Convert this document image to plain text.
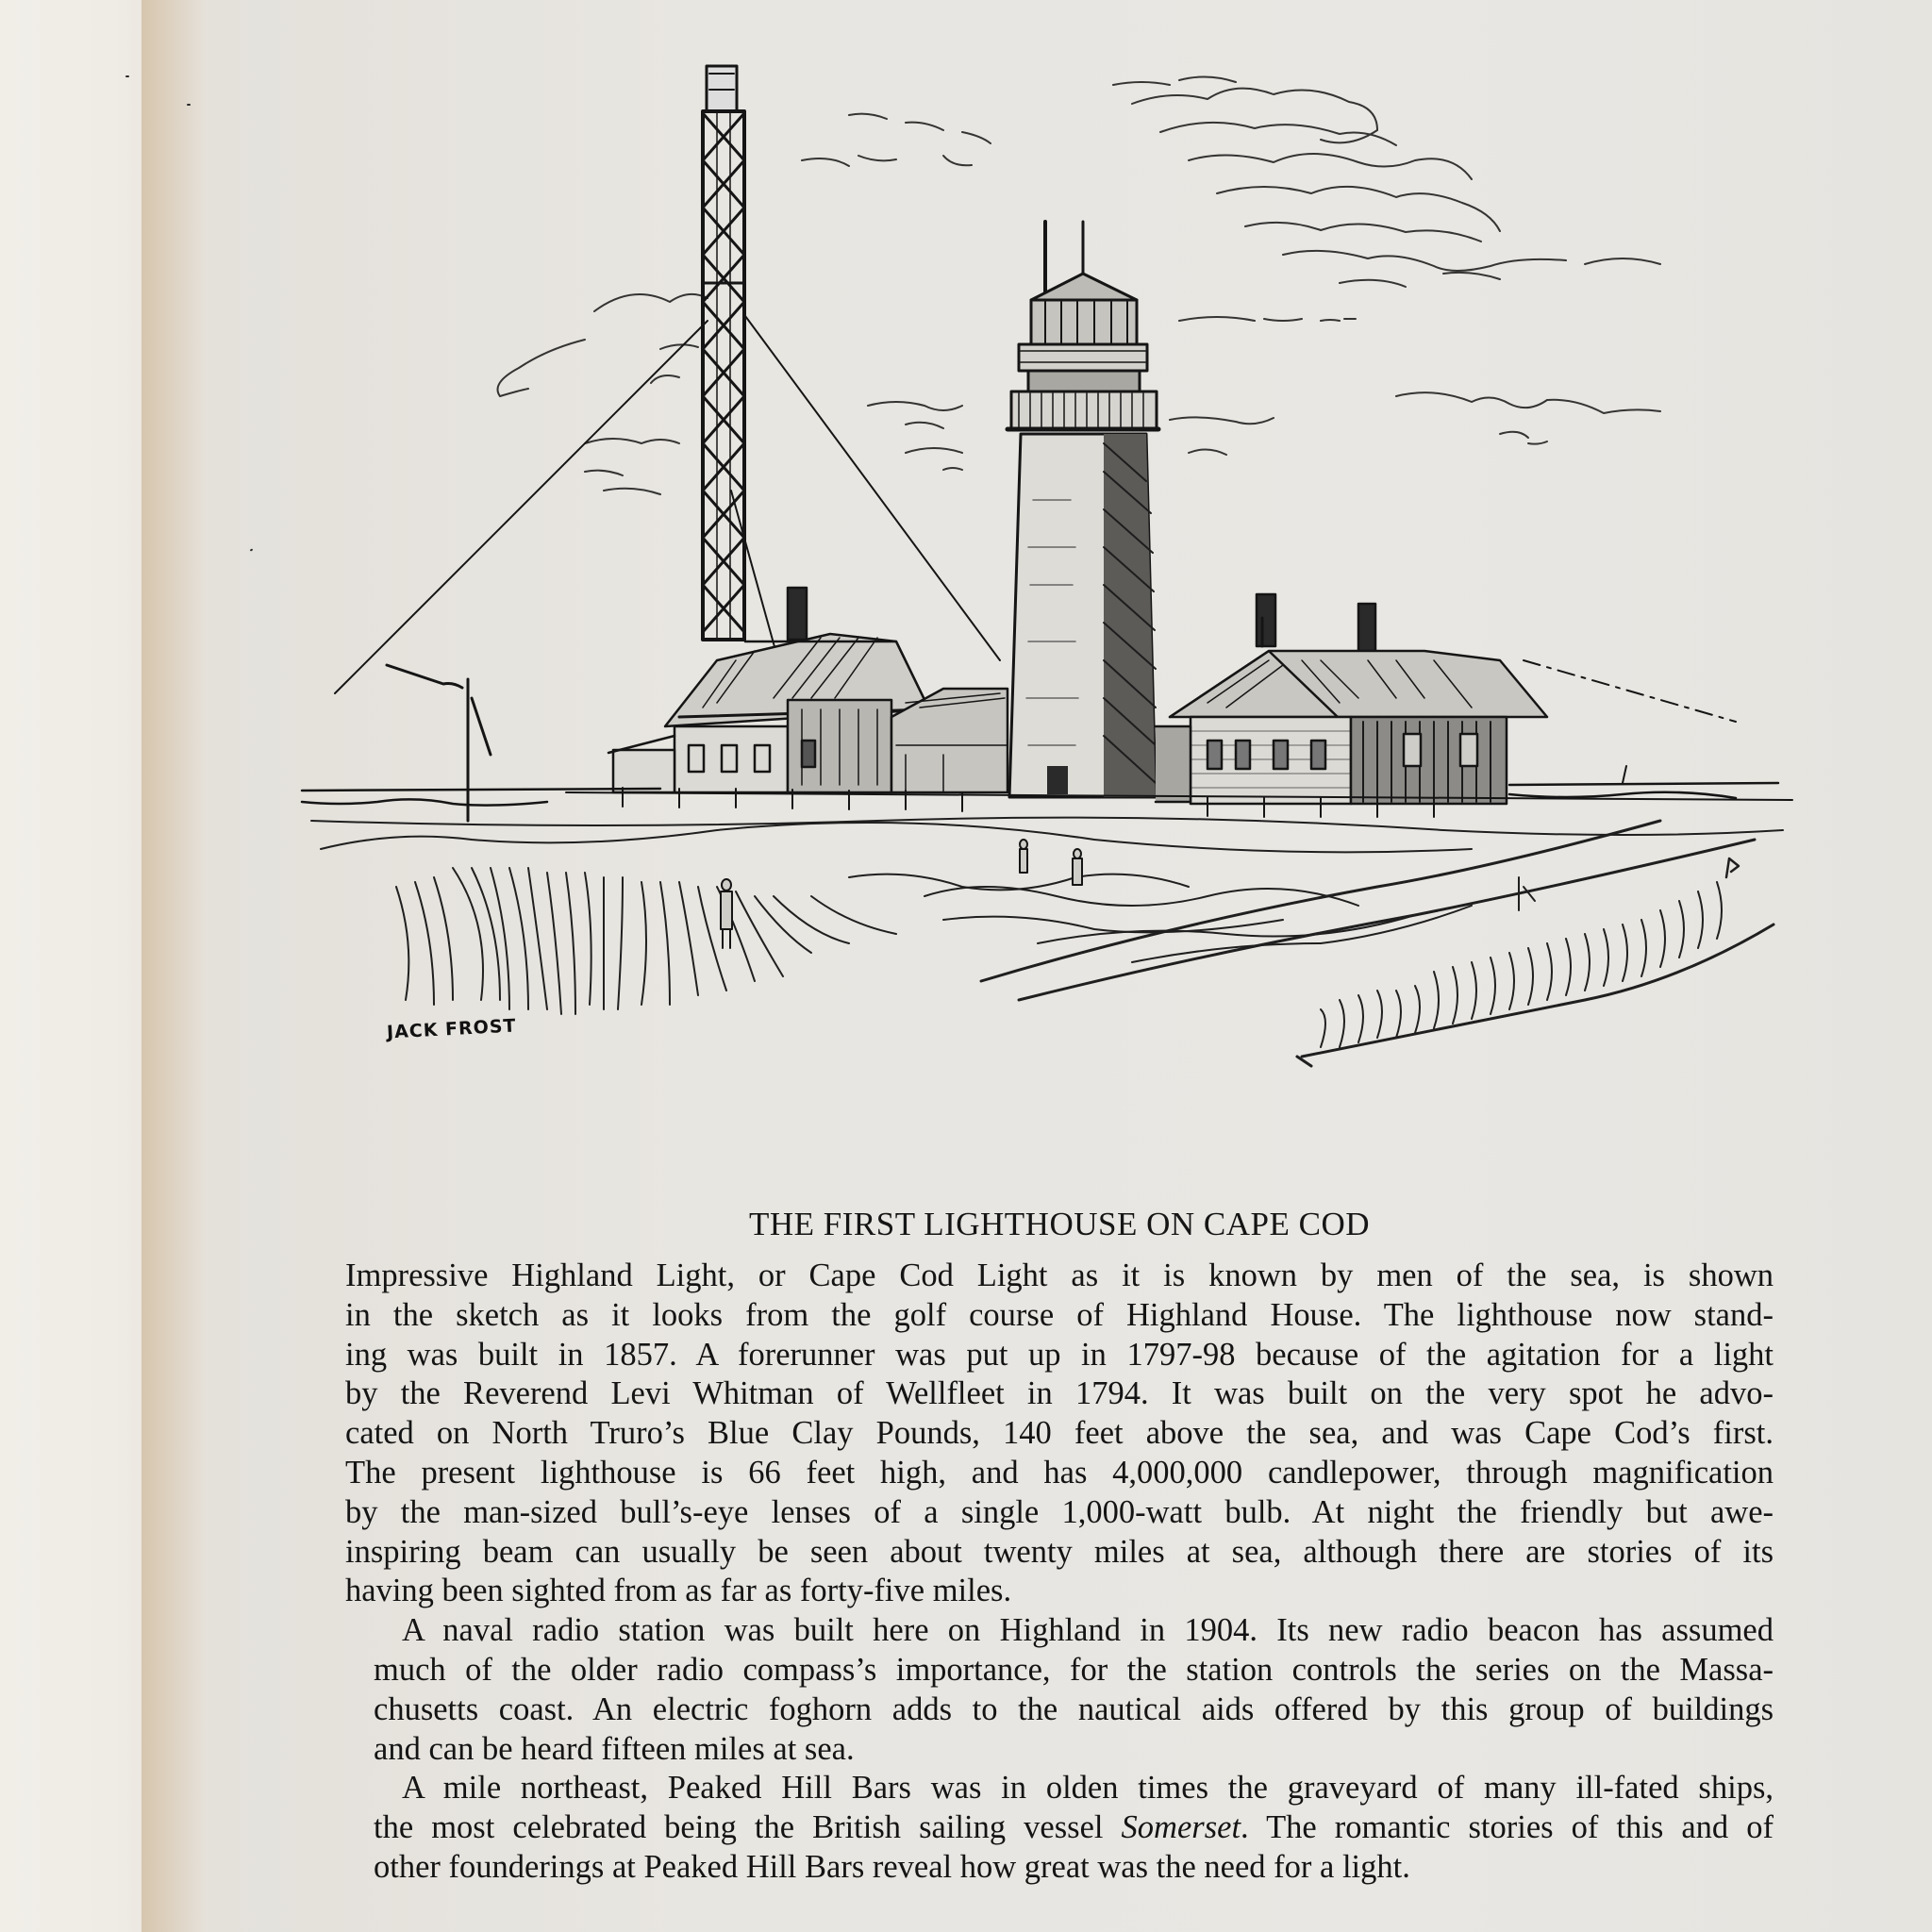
JACK FROST
THE FIRST LIGHTHOUSE ON CAPE COD

Impressive Highland Light, or Cape Cod Light as it is known by men of the sea, is shown
in the sketch as it looks from the golf course of Highland House. The lighthouse now stand-
ing was built in 1857. A forerunner was put up in 1797-98 because of the agitation for a light
by the Reverend Levi Whitman of Wellfleet in 1794. It was built on the very spot he advo-
cated on North Truro’s Blue Clay Pounds, 140 feet above the sea, and was Cape Cod’s first.
The present lighthouse is 66 feet high, and has 4,000,000 candlepower, through magnification
by the man-sized bull’s-eye lenses of a single 1,000-watt bulb. At night the friendly but awe-
inspiring beam can usually be seen about twenty miles at sea, although there are stories of its
having been sighted from as far as forty-five miles.

A naval radio station was built here on Highland in 1904. Its new radio beacon has assumed
much of the older radio compass’s importance, for the station controls the series on the Massa-
chusetts coast. An electric foghorn adds to the nautical aids offered by this group of buildings
and can be heard fifteen miles at sea.

A mile northeast, Peaked Hill Bars was in olden times the graveyard of many ill-fated ships,
the most celebrated being the British sailing vessel Somerset. The romantic stories of this and of
other founderings at Peaked Hill Bars reveal how great was the need for a light.
